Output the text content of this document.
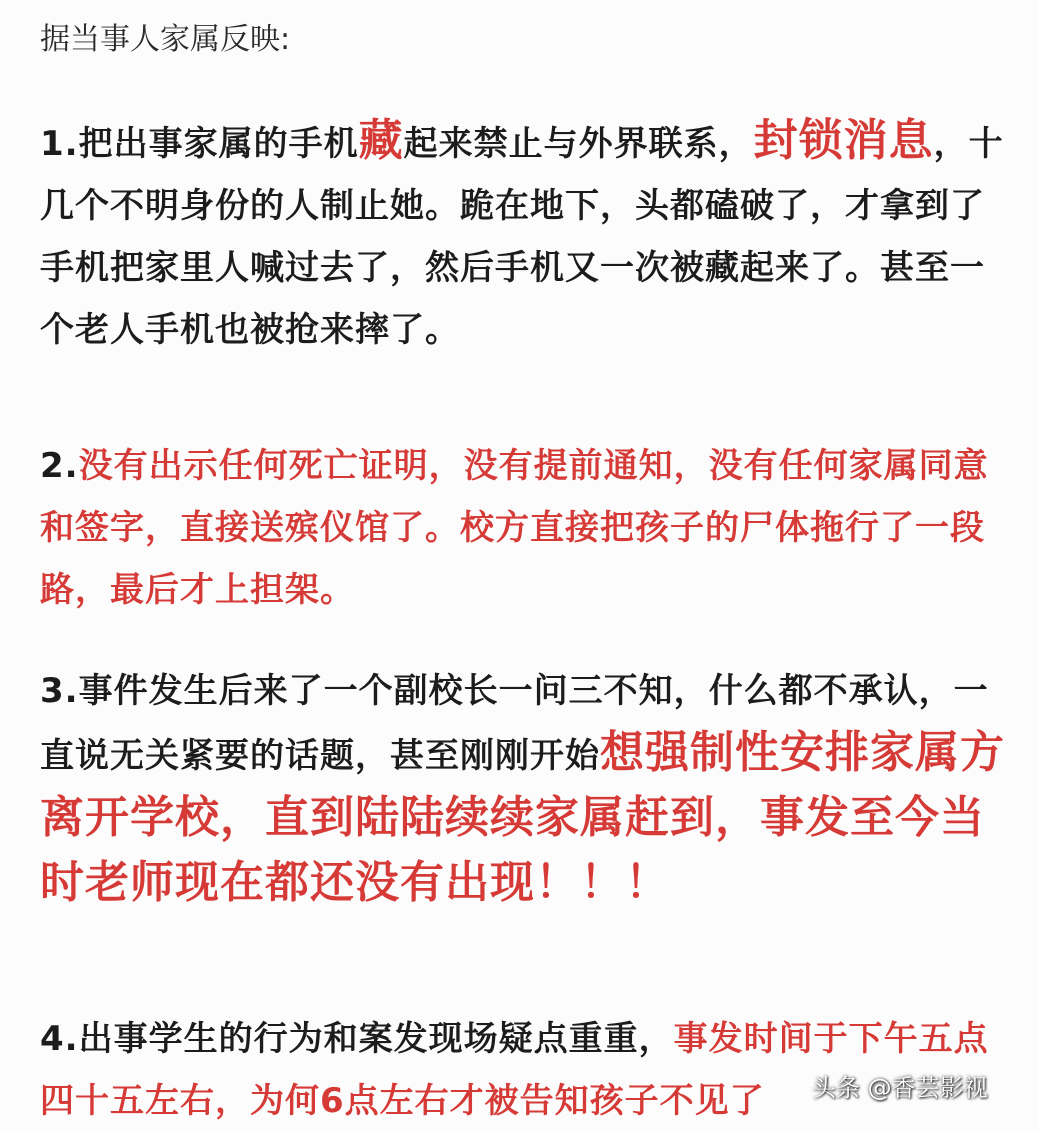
据当事人家属反映:

1.把出事家属的手机藏起来禁止与外界联系，封锁消息，十几个不明身份的人制止她。跪在地下，头都磕破了，才拿到了手机把家里人喊过去了，然后手机又一次被藏起来了。甚至一个老人手机也被抢来摔了。

2.没有出示任何死亡证明，没有提前通知，没有任何家属同意和签字，直接送殡仪馆了。校方直接把孩子的尸体拖行了一段路，最后才上担架。

3.事件发生后来了一个副校长一问三不知，什么都不承认，一直说无关紧要的话题，甚至刚刚开始想强制性安排家属方离开学校，直到陆陆续续家属赶到，事发至今当时老师现在都还没有出现！！！

4.出事学生的行为和案发现场疑点重重，事发时间于下午五点四十五左右，为何6点左右才被告知孩子不见了	头条 @香芸影视
